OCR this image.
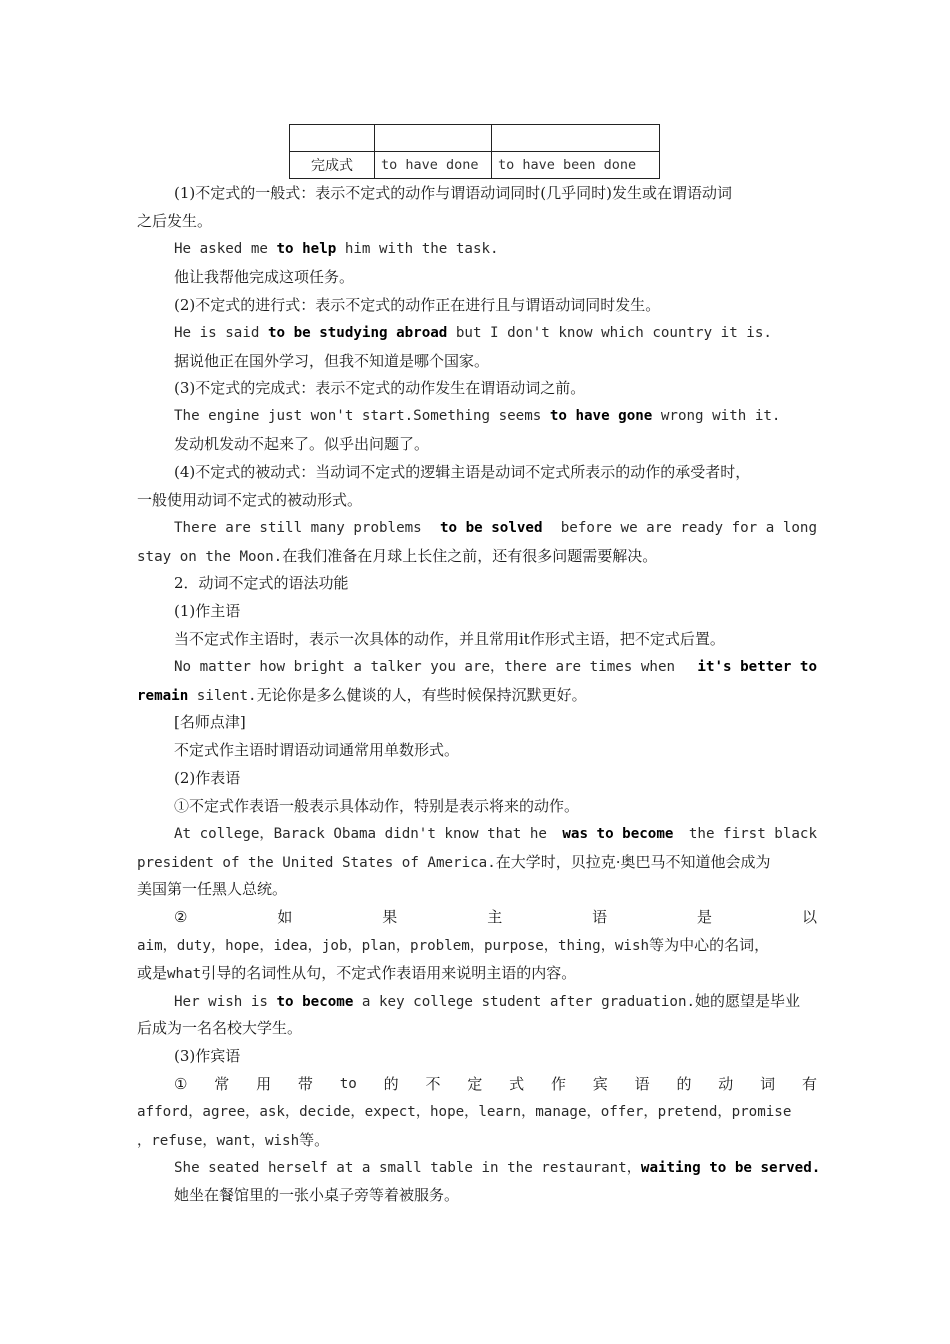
完成式	to have done	to have been done
(1)不定式的一般式：表示不定式的动作与谓语动词同时(几乎同时)发生或在谓语动词
之后发生。
He asked me to help him with the task.
他让我帮他完成这项任务。
(2)不定式的进行式：表示不定式的动作正在进行且与谓语动词同时发生。
He is said to be studying abroad but I don't know which country it is.
据说他正在国外学习，但我不知道是哪个国家。
(3)不定式的完成式：表示不定式的动作发生在谓语动词之前。
The engine just won't start.Something seems to have gone wrong with it.
发动机发动不起来了。似乎出问题了。
(4)不定式的被动式：当动词不定式的逻辑主语是动词不定式所表示的动作的承受者时，
一般使用动词不定式的被动形式。
There are still many problems to be solved before we are ready for a long
stay on the Moon.在我们准备在月球上长住之前，还有很多问题需要解决。
2．动词不定式的语法功能
(1)作主语
当不定式作主语时，表示一次具体的动作，并且常用it作形式主语，把不定式后置。
No matter how bright a talker you are，there are times when it's better to
remain silent.无论你是多么健谈的人，有些时候保持沉默更好。
[名师点津]
不定式作主语时谓语动词通常用单数形式。
(2)作表语
①不定式作表语一般表示具体动作，特别是表示将来的动作。
At college，Barack Obama didn't know that he was to become the first black
president of the United States of America.在大学时，贝拉克·奥巴马不知道他会成为
美国第一任黑人总统。
②	如	果	主	语	是	以
aim，duty，hope，idea，job，plan，problem，purpose，thing，wish等为中心的名词，
或是what引导的名词性从句，不定式作表语用来说明主语的内容。
Her wish is to become a key college student after graduation.她的愿望是毕业
后成为一名名校大学生。
(3)作宾语
① 常 用 带 to 的 不 定 式 作 宾 语 的 动 词 有
afford，agree，ask，decide，expect，hope，learn，manage，offer，pretend，promise
，refuse，want，wish等。
She seated herself at a small table in the restaurant，waiting to be served.
她坐在餐馆里的一张小桌子旁等着被服务。
